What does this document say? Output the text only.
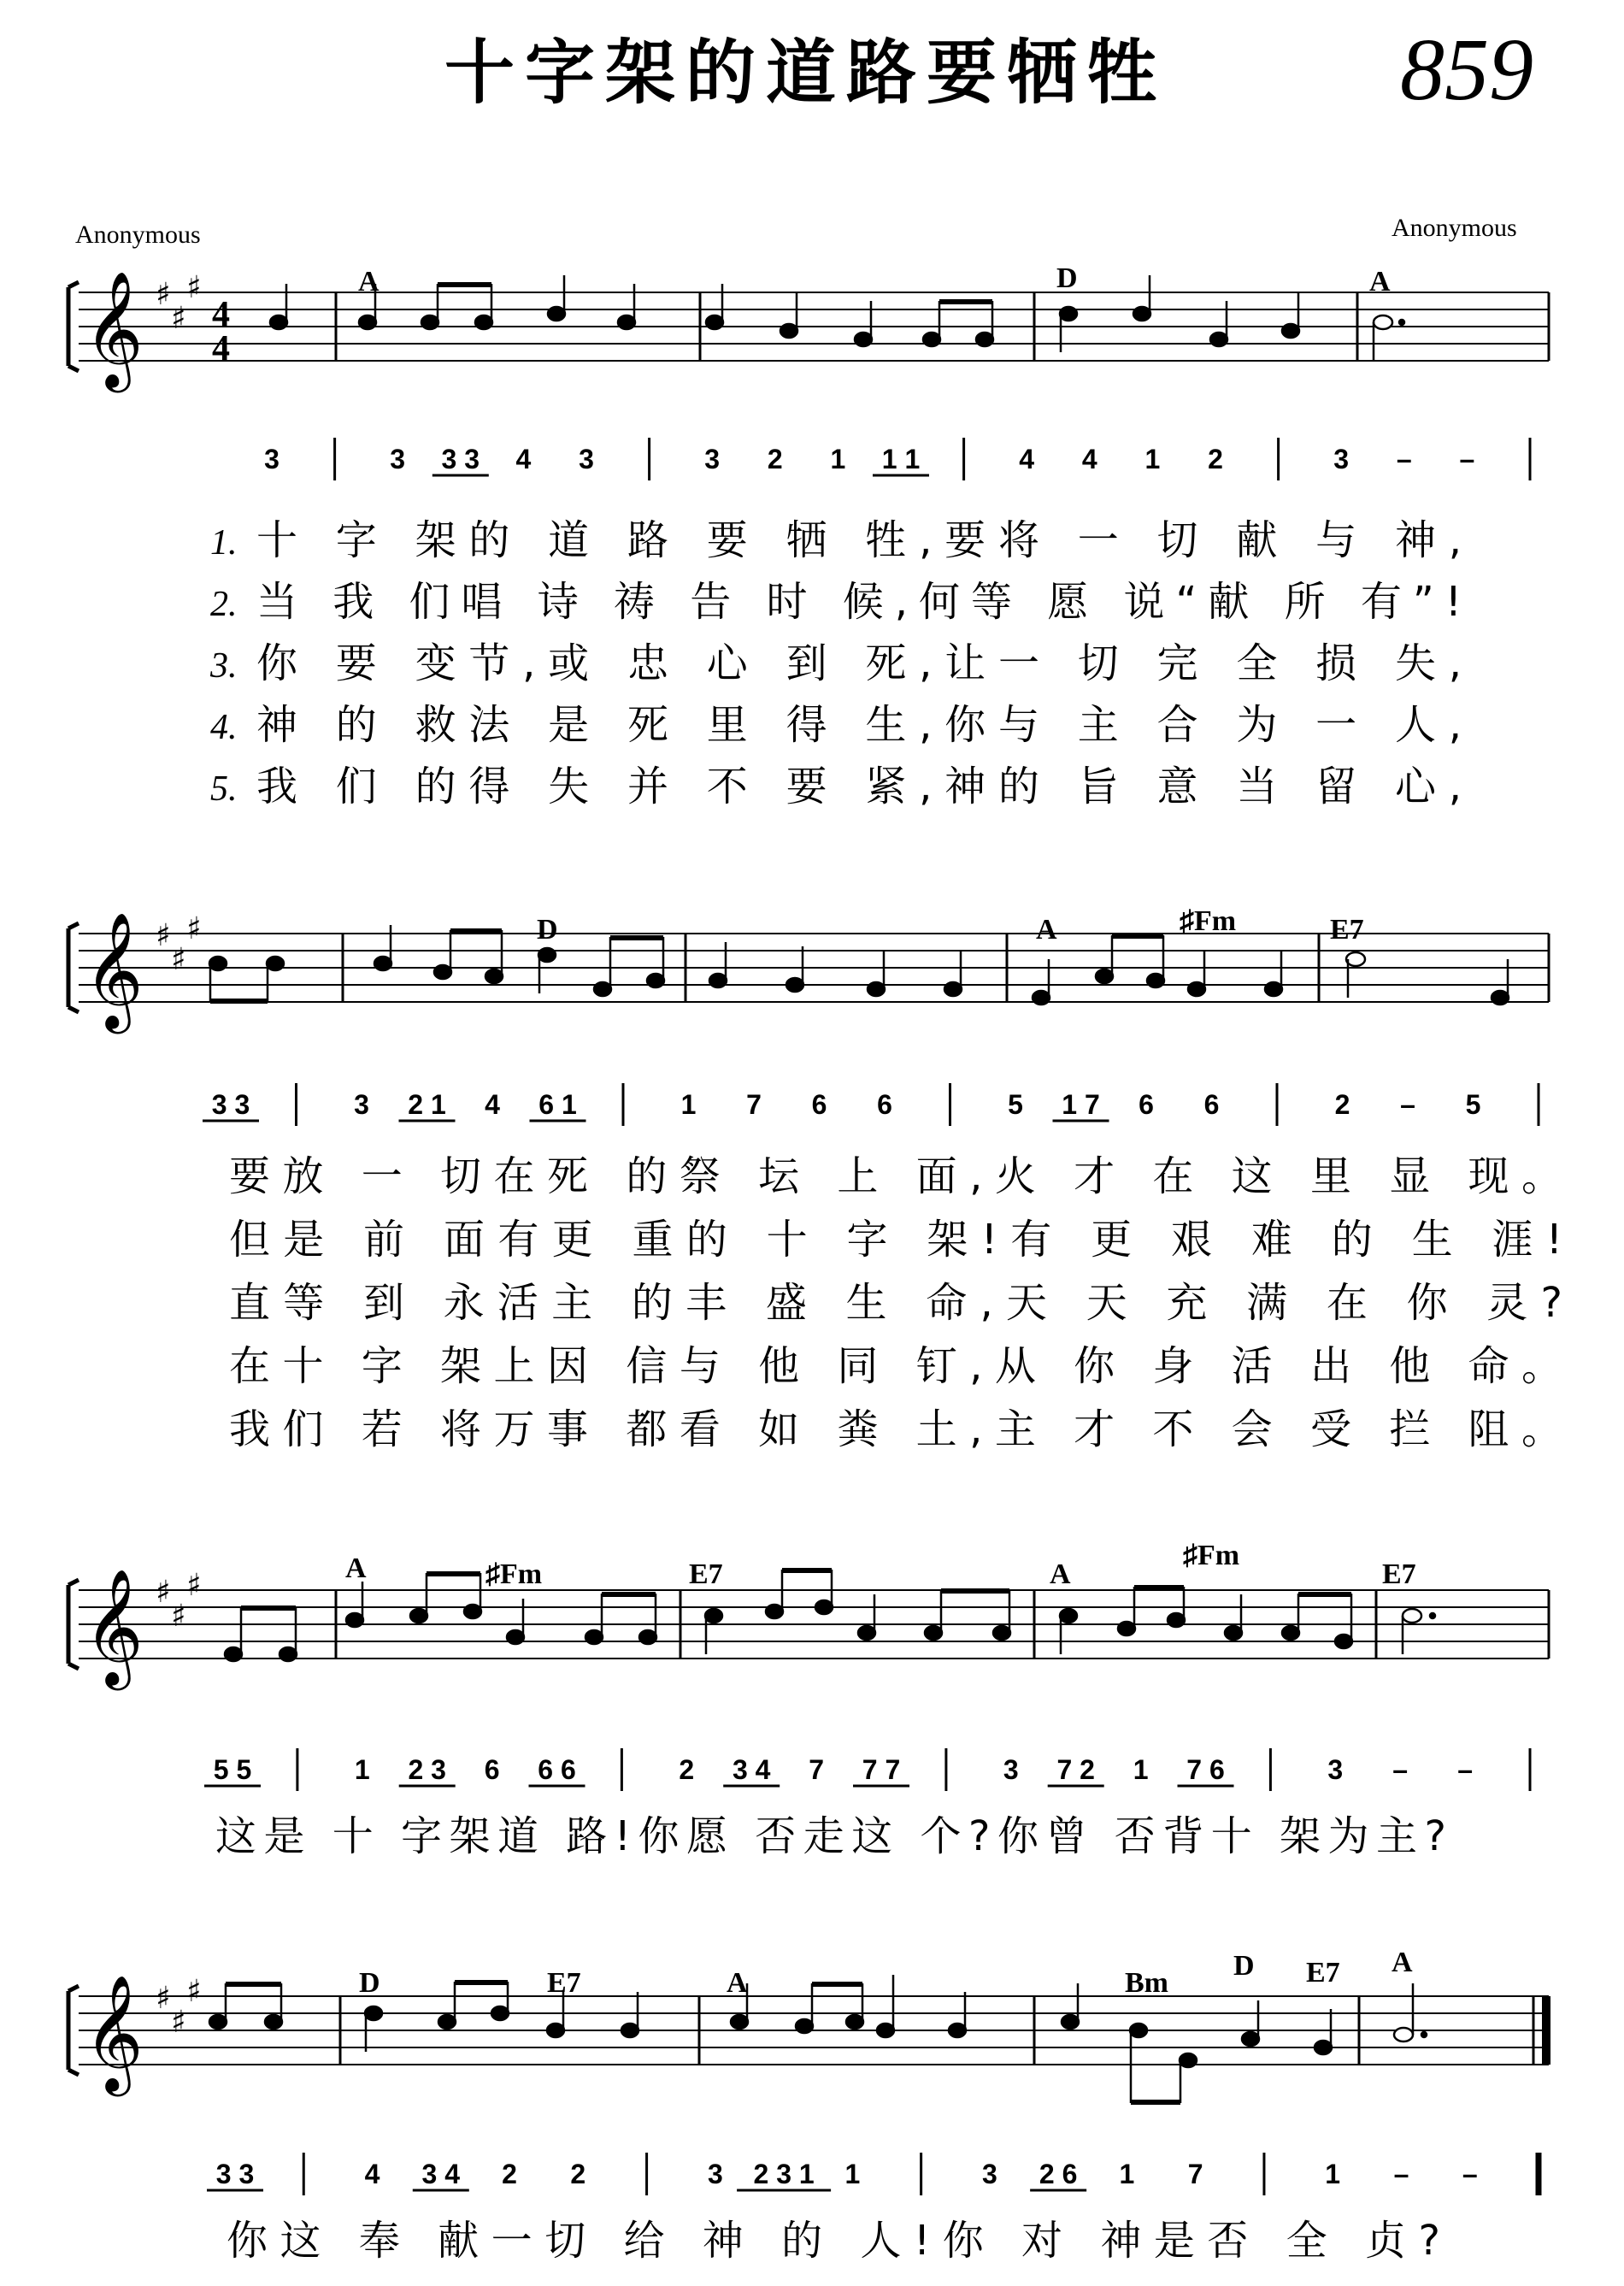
十字架的道路要牺牲	859
Anonymous	Anonymous
𝄞 ♯
♯
♯
4
4
A	D	A
3	3 3 3 4 3	3 2 1 1 1	4 4 1 2	3 – –
1.
2.
3.
4.
5.
十 字 架的 道 路 要 牺 牲,要将 一 切 献 与 神,
当 我 们唱 诗 祷 告 时 候,何等 愿 说“献 所 有”!
你 要 变节,或 忠 心 到 死,让一 切 完 全 损 失,
神 的 救法 是 死 里 得 生,你与 主 合 为 一 人,
我 们 的得 失 并 不 要 紧,神的 旨 意 当 留 心,
𝄞 ♯
♯
♯	D	A	♯Fm	E7
3 3	3 2 1 4 6 1	1 7 6 6	5 1 7 6 6	2 – 5
要放 一 切在死 的祭 坛 上 面,火 才 在 这 里 显 现。
但是 前 面有更 重的 十 字 架!有 更 艰 难 的 生 涯!
直等 到 永活主 的丰 盛 生 命,天 天 充 满 在 你 灵?
在十 字 架上因 信与 他 同 钉,从 你 身 活 出 他 命。
我们 若 将万事 都看 如 粪 土,主 才 不 会 受 拦 阻。
𝄞 ♯
♯
♯	A	♯Fm	E7	A
♯Fm
E7
5 5	1 2 3 6 6 6	2 3 4 7 7 7	3 7 2 1 7 6	3 – –
这是 十 字架道 路!你愿 否走这 个?你曾 否背十 架为主?
𝄞 ♯
♯
♯	D	E7	A	Bm
D E7 A
3 3	4 3 4 2 2	3 2 3 1 1	3 2 6 1 7	1 – –
你这 奉 献一切 给 神 的 人!你 对 神是否 全 贞?
